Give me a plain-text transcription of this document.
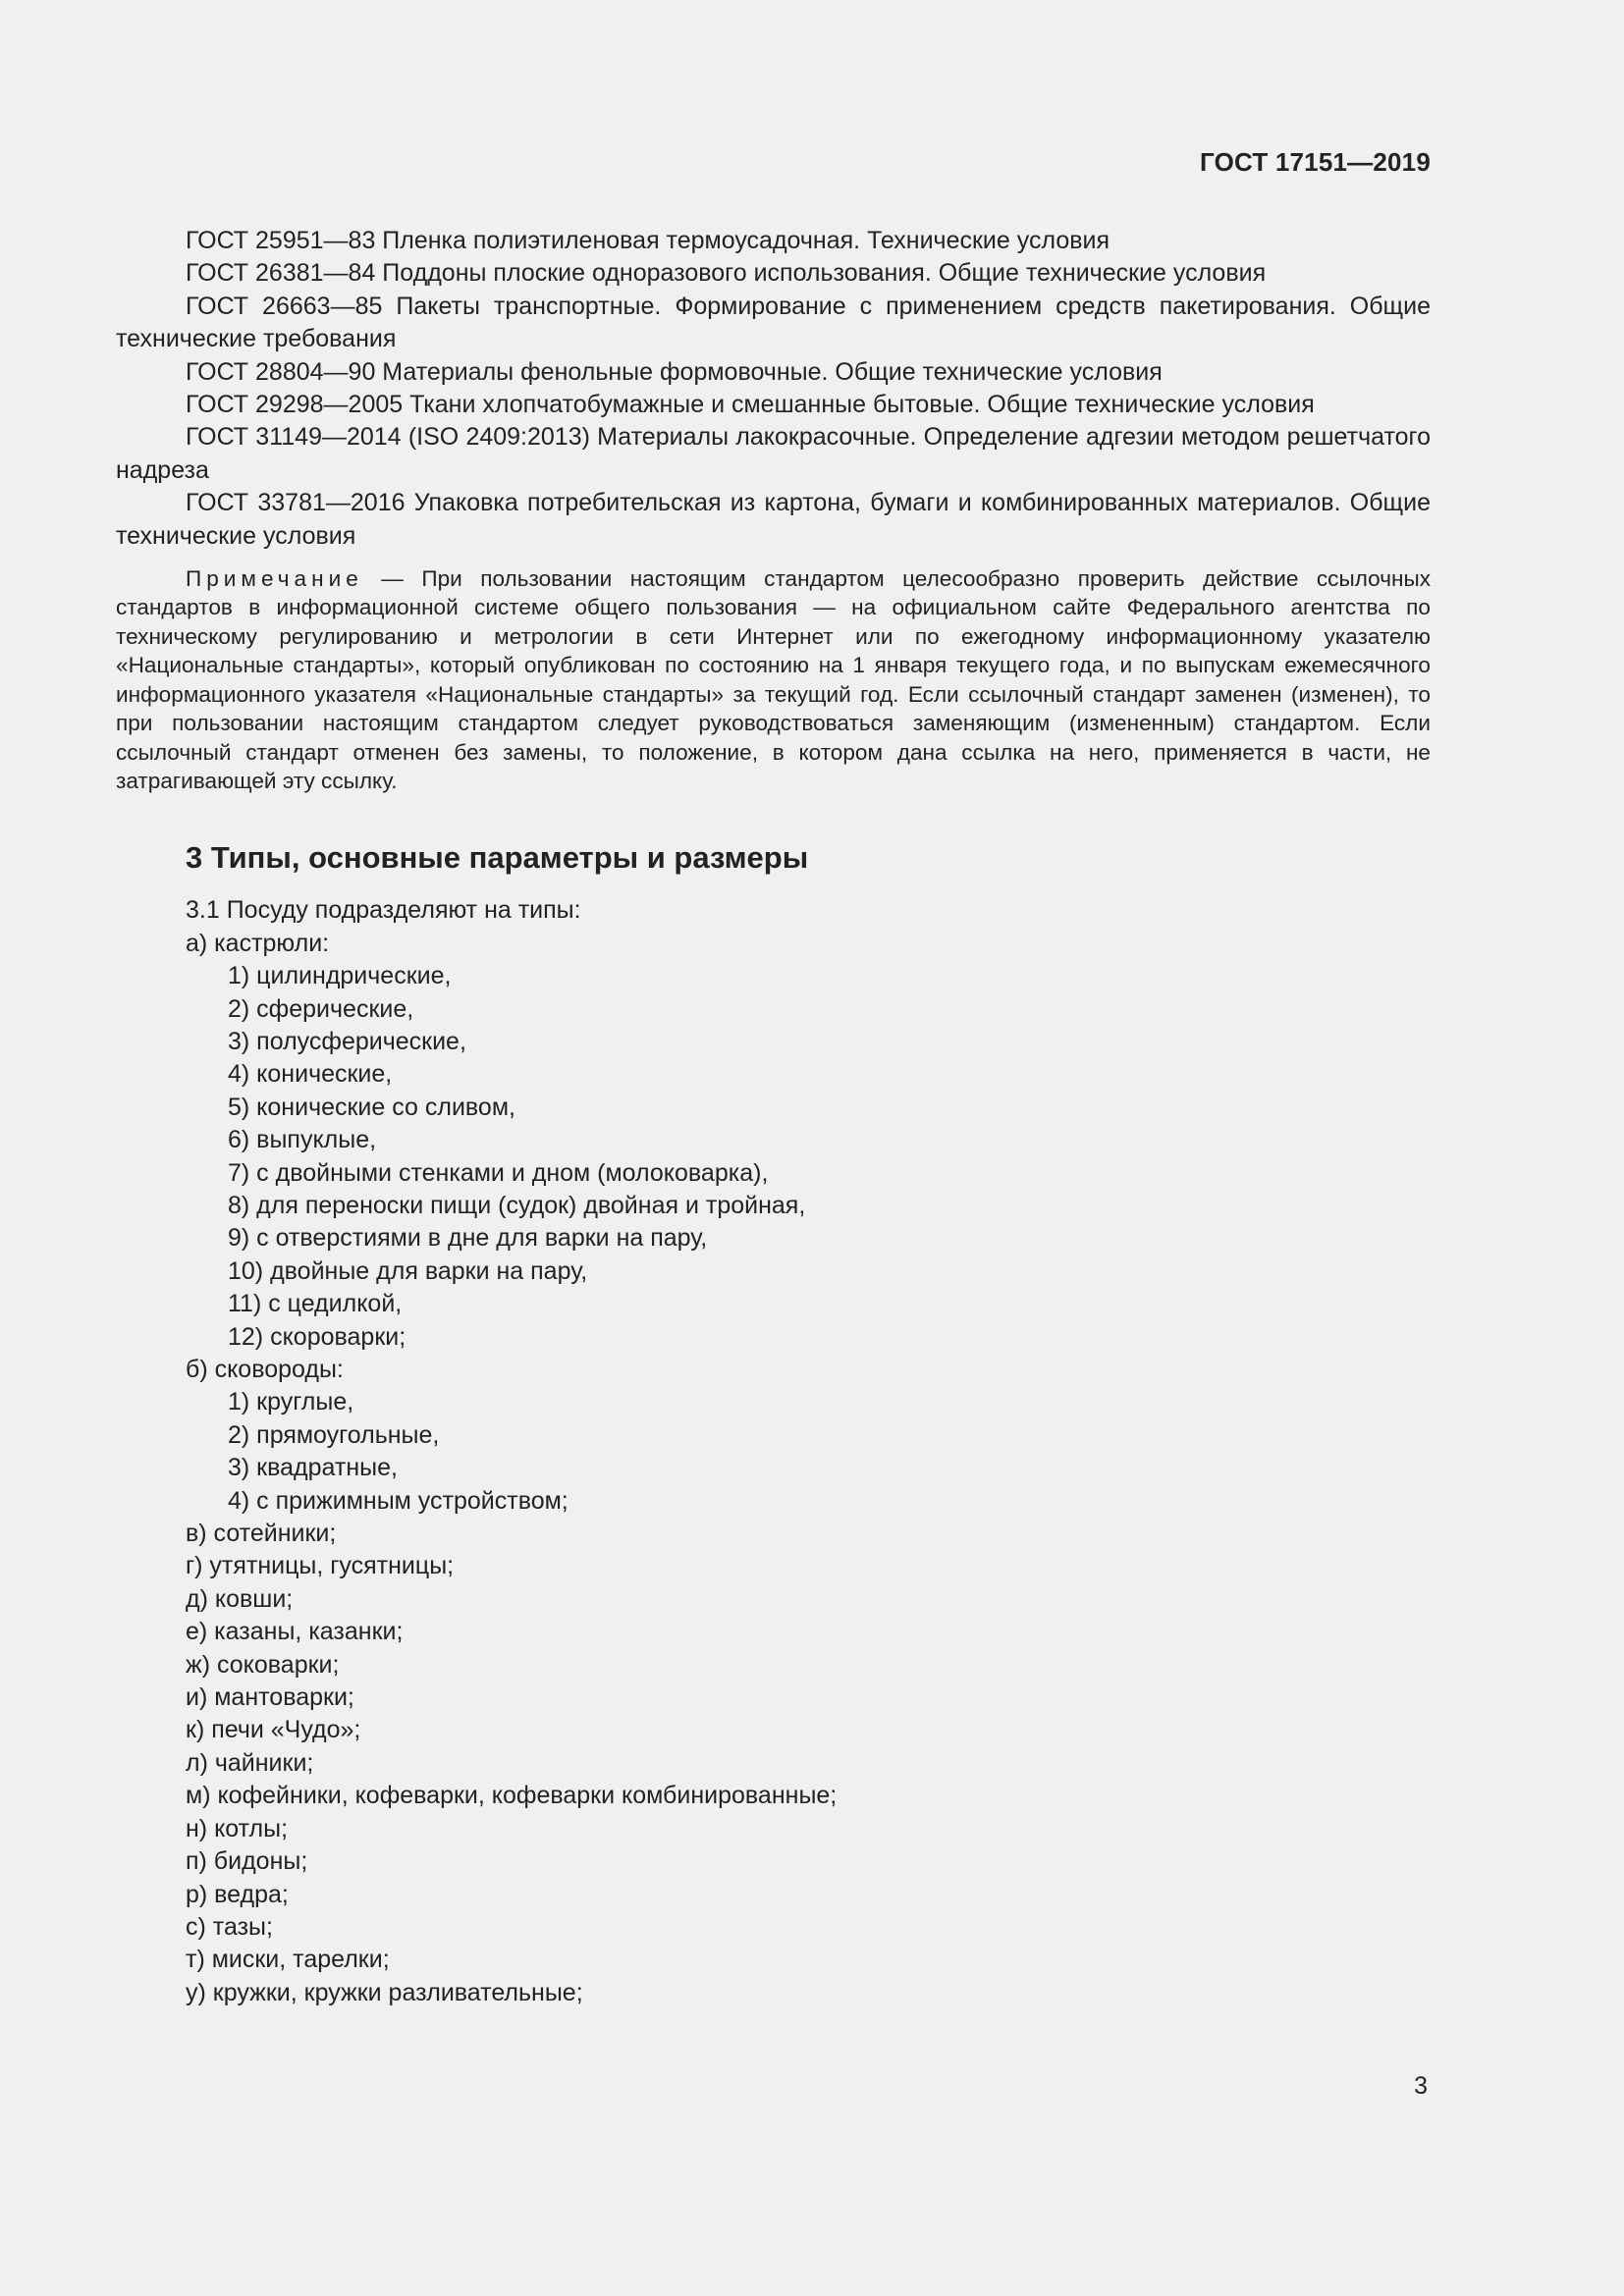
ГОСТ 17151—2019

ГОСТ 25951—83 Пленка полиэтиленовая термоусадочная. Технические условия

ГОСТ 26381—84 Поддоны плоские одноразового использования. Общие технические условия

ГОСТ 26663—85 Пакеты транспортные. Формирование с применением средств пакетирования. Общие технические требования

ГОСТ 28804—90 Материалы фенольные формовочные. Общие технические условия

ГОСТ 29298—2005 Ткани хлопчатобумажные и смешанные бытовые. Общие технические условия

ГОСТ 31149—2014 (ISO 2409:2013) Материалы лакокрасочные. Определение адгезии методом решетчатого надреза

ГОСТ 33781—2016 Упаковка потребительская из картона, бумаги и комбинированных материалов. Общие технические условия

Примечание — При пользовании настоящим стандартом целесообразно проверить действие ссылочных стандартов в информационной системе общего пользования — на официальном сайте Федерального агентства по техническому регулированию и метрологии в сети Интернет или по ежегодному информационному указателю «Национальные стандарты», который опубликован по состоянию на 1 января текущего года, и по выпускам ежемесячного информационного указателя «Национальные стандарты» за текущий год. Если ссылочный стандарт заменен (изменен), то при пользовании настоящим стандартом следует руководствоваться заменяющим (измененным) стандартом. Если ссылочный стандарт отменен без замены, то положение, в котором дана ссылка на него, применяется в части, не затрагивающей эту ссылку.
3 Типы, основные параметры и размеры
3.1 Посуду подразделяют на типы:
а) кастрюли:
1) цилиндрические,
2) сферические,
3) полусферические,
4) конические,
5) конические со сливом,
6) выпуклые,
7) с двойными стенками и дном (молоковарка),
8) для переноски пищи (судок) двойная и тройная,
9) с отверстиями в дне для варки на пару,
10) двойные для варки на пару,
11) с цедилкой,
12) скороварки;
б) сковороды:
1) круглые,
2) прямоугольные,
3) квадратные,
4) с прижимным устройством;
в) сотейники;
г) утятницы, гусятницы;
д) ковши;
е) казаны, казанки;
ж) соковарки;
и) мантоварки;
к) печи «Чудо»;
л) чайники;
м) кофейники, кофеварки, кофеварки комбинированные;
н) котлы;
п) бидоны;
р) ведра;
с) тазы;
т) миски, тарелки;
у) кружки, кружки разливательные;
3
